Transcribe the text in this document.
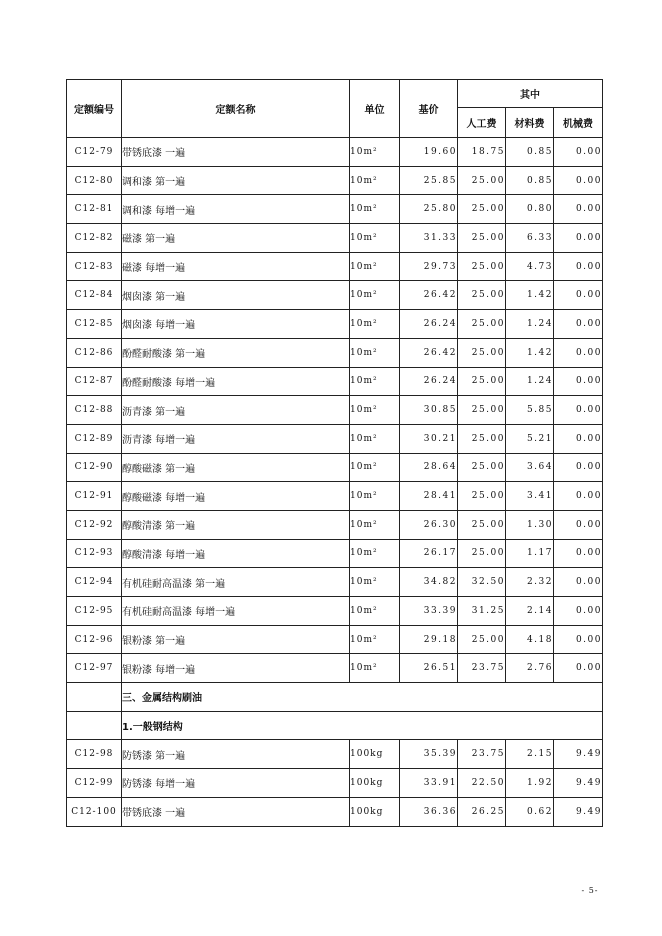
定额编号	定额名称	单位	基价	其中		
				人工费	材料费	机械费
C12-79	带锈底漆 一遍	10m²	19.60	18.75	0.85	0.00
C12-80	调和漆 第一遍	10m²	25.85	25.00	0.85	0.00
C12-81	调和漆 每增一遍	10m²	25.80	25.00	0.80	0.00
C12-82	磁漆 第一遍	10m²	31.33	25.00	6.33	0.00
C12-83	磁漆 每增一遍	10m²	29.73	25.00	4.73	0.00
C12-84	烟囱漆 第一遍	10m²	26.42	25.00	1.42	0.00
C12-85	烟囱漆 每增一遍	10m²	26.24	25.00	1.24	0.00
C12-86	酚醛耐酸漆 第一遍	10m²	26.42	25.00	1.42	0.00
C12-87	酚醛耐酸漆 每增一遍	10m²	26.24	25.00	1.24	0.00
C12-88	沥青漆 第一遍	10m²	30.85	25.00	5.85	0.00
C12-89	沥青漆 每增一遍	10m²	30.21	25.00	5.21	0.00
C12-90	醇酸磁漆 第一遍	10m²	28.64	25.00	3.64	0.00
C12-91	醇酸磁漆 每增一遍	10m²	28.41	25.00	3.41	0.00
C12-92	醇酸清漆 第一遍	10m²	26.30	25.00	1.30	0.00
C12-93	醇酸清漆 每增一遍	10m²	26.17	25.00	1.17	0.00
C12-94	有机硅耐高温漆 第一遍	10m²	34.82	32.50	2.32	0.00
C12-95	有机硅耐高温漆 每增一遍	10m²	33.39	31.25	2.14	0.00
C12-96	银粉漆 第一遍	10m²	29.18	25.00	4.18	0.00
C12-97	银粉漆 每增一遍	10m²	26.51	23.75	2.76	0.00
	三、金属结构刷油					
	1.一般钢结构					
C12-98	防锈漆 第一遍	100kg	35.39	23.75	2.15	9.49
C12-99	防锈漆 每增一遍	100kg	33.91	22.50	1.92	9.49
C12-100	带锈底漆 一遍	100kg	36.36	26.25	0.62	9.49
- 5-
